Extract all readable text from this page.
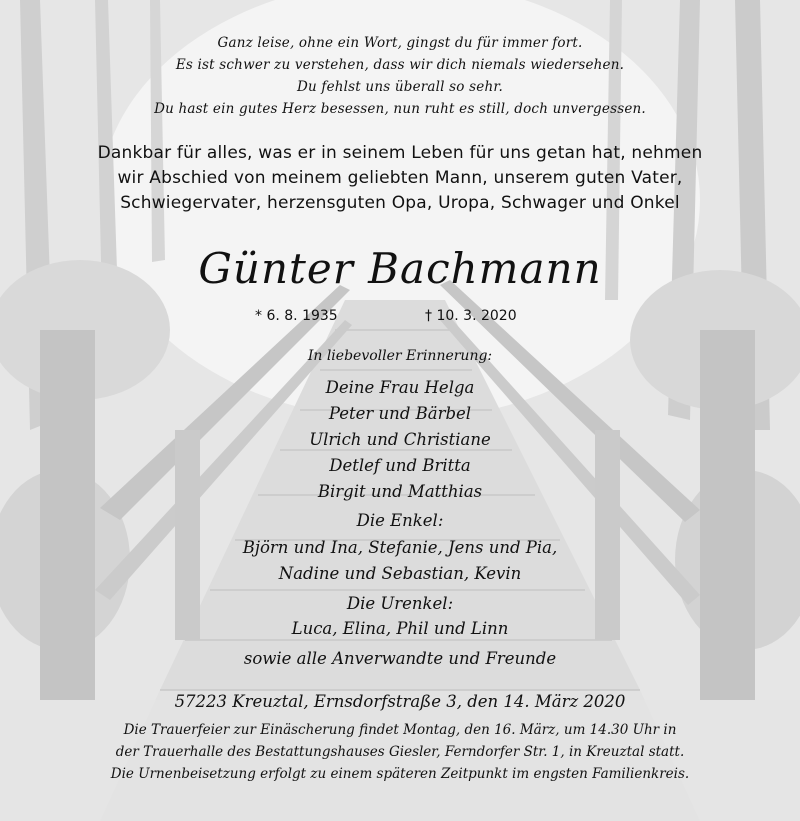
Ganz leise, ohne ein Wort, gingst du für immer fort.
Es ist schwer zu verstehen, dass wir dich niemals wiedersehen.
Du fehlst uns überall so sehr.
Du hast ein gutes Herz besessen, nun ruht es still, doch unvergessen.
Dankbar für alles, was er in seinem Leben für uns getan hat, nehmen
wir Abschied von meinem geliebten Mann, unserem guten Vater,
Schwiegervater, herzensguten Opa, Uropa, Schwager und Onkel
Günter Bachmann
* 6. 8. 1935	† 10. 3. 2020
In liebevoller Erinnerung:
Deine Frau Helga
Peter und Bärbel
Ulrich und Christiane
Detlef und Britta
Birgit und Matthias
Die Enkel:
Björn und Ina, Stefanie, Jens und Pia,
Nadine und Sebastian, Kevin
Die Urenkel:
Luca, Elina, Phil und Linn
sowie alle Anverwandte und Freunde
57223 Kreuztal, Ernsdorfstraße 3, den 14. März 2020
Die Trauerfeier zur Einäscherung findet Montag, den 16. März, um 14.30 Uhr in
der Trauerhalle des Bestattungshauses Giesler, Ferndorfer Str. 1, in Kreuztal statt.
Die Urnenbeisetzung erfolgt zu einem späteren Zeitpunkt im engsten Familienkreis.
